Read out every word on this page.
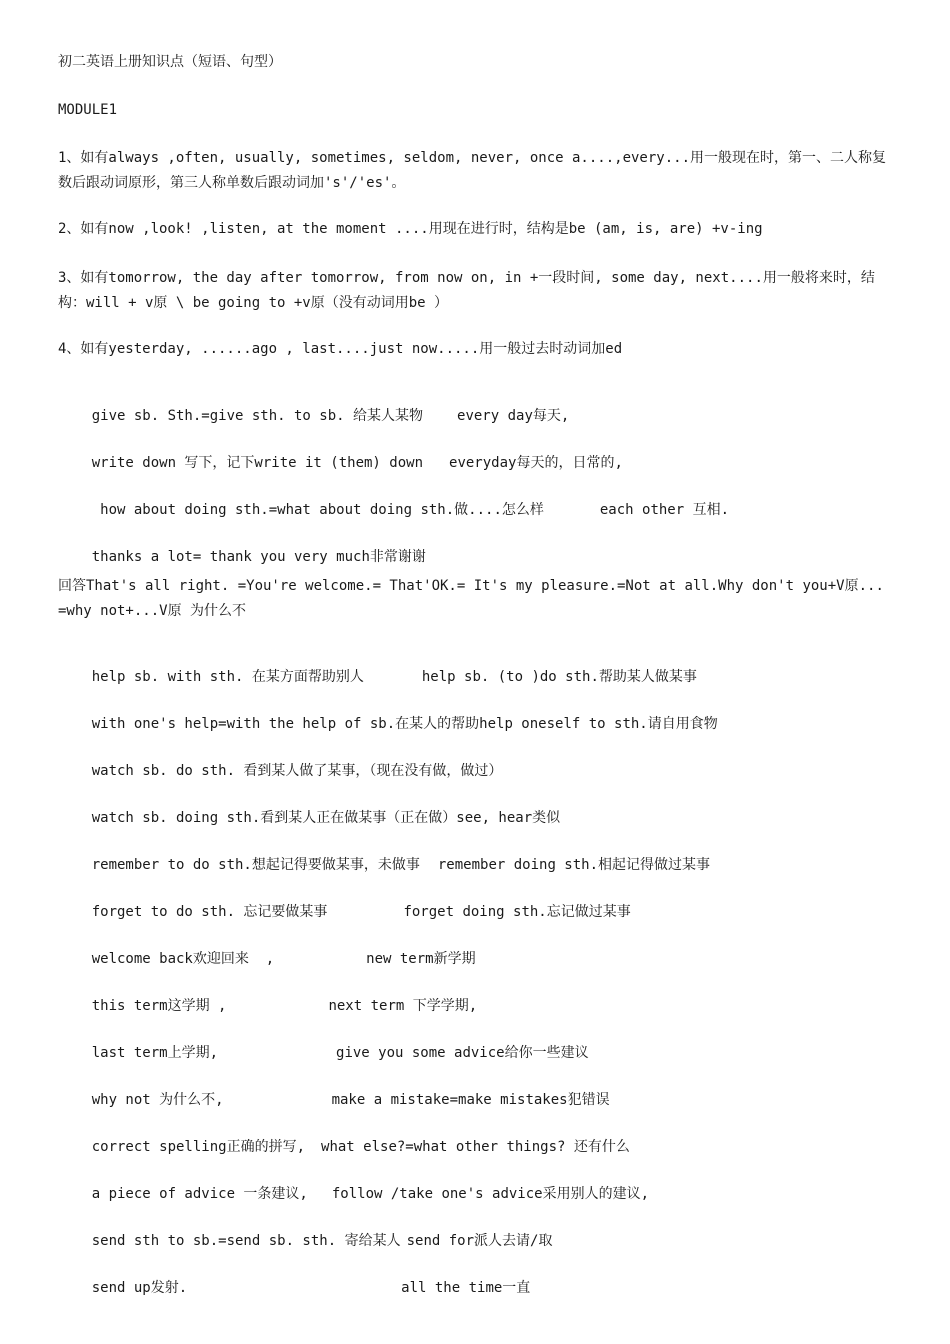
初二英语上册知识点（短语、句型）
MODULE1
1、如有always ,often, usually, sometimes, seldom, never, once a....,every...用一般现在时，第一、二人称复数后跟动词原形，第三人称单数后跟动词加's'/'es'。
2、如有now ,look! ,listen, at the moment ....用现在进行时，结构是be (am, is, are) +v-ing
3、如有tomorrow, the day after tomorrow, from now on, in +一段时间, some day, next....用一般将来时，结构：will + v原 \ be going to +v原（没有动词用be ）
4、如有yesterday, ......ago , last....just now.....用一般过去时动词加ed

give sb. Sth.=give sth. to sb. 给某人某物 every day每天,

write down 写下，记下write it (them) down everyday每天的，日常的,

how about doing sth.=what about doing sth.做....怎么样	each other 互相.

thanks a lot= thank you very much非常谢谢

回答That's all right. =You're welcome.= That'OK.= It's my pleasure.=Not at all.Why don't you+V原...=why not+...V原 为什么不

help sb. with sth. 在某方面帮助别人	help sb. (to )do sth.帮助某人做某事

with one's help=with the help of sb.在某人的帮助help oneself to sth.请自用食物

watch sb. do sth. 看到某人做了某事，（现在没有做，做过）

watch sb. doing sth.看到某人正在做某事（正在做）see, hear类似

remember to do sth.想起记得要做某事，未做事 remember doing sth.相起记得做过某事

forget to do sth. 忘记要做某事	forget doing sth.忘记做过某事

welcome back欢迎回来  ,	new term新学期

this term这学期 ,	next term 下学学期,

last term上学期,	give you some advice给你一些建议

why not 为什么不,	make a mistake=make mistakes犯错误

correct spelling正确的拼写, what else?=what other things? 还有什么

a piece of advice 一条建议, follow /take one's advice采用别人的建议,

send sth to sb.=send sb. sth. 寄给某人 send for派人去请/取

send up发射.	all the time一直
